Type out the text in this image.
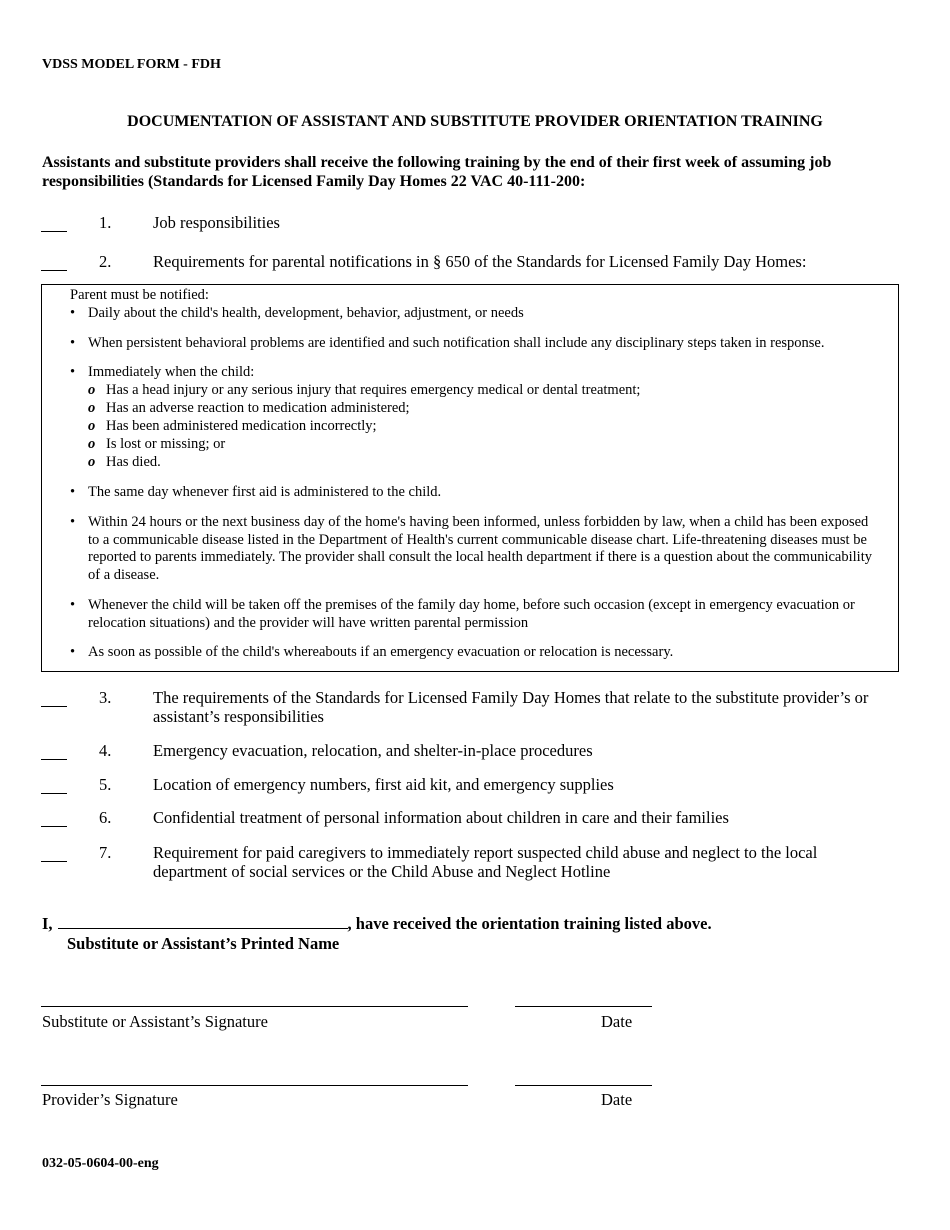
VDSS MODEL FORM - FDH
DOCUMENTATION OF ASSISTANT AND SUBSTITUTE PROVIDER ORIENTATION TRAINING
Assistants and substitute providers shall receive the following training by the end of their first week of assuming job responsibilities (Standards for Licensed Family Day Homes 22 VAC 40-111-200:
1.	Job responsibilities
2.	Requirements for parental notifications in § 650 of the Standards for Licensed Family Day Homes:
Parent must be notified:
• Daily about the child's health, development, behavior, adjustment, or needs
• When persistent behavioral problems are identified and such notification shall include any disciplinary steps taken in response.
• Immediately when the child:
o Has a head injury or any serious injury that requires emergency medical or dental treatment;
o Has an adverse reaction to medication administered;
o Has been administered medication incorrectly;
o Is lost or missing; or
o Has died.
• The same day whenever first aid is administered to the child.
• Within 24 hours or the next business day of the home's having been informed, unless forbidden by law, when a child has been exposed to a communicable disease listed in the Department of Health's current communicable disease chart. Life-threatening diseases must be reported to parents immediately. The provider shall consult the local health department if there is a question about the communicability of a disease.
• Whenever the child will be taken off the premises of the family day home, before such occasion (except in emergency evacuation or relocation situations) and the provider will have written parental permission
• As soon as possible of the child's whereabouts if an emergency evacuation or relocation is necessary.
3.	The requirements of the Standards for Licensed Family Day Homes that relate to the substitute provider’s or assistant’s responsibilities
4.	Emergency evacuation, relocation, and shelter-in-place procedures
5.	Location of emergency numbers, first aid kit, and emergency supplies
6.	Confidential treatment of personal information about children in care and their families
7.	Requirement for paid caregivers to immediately report suspected child abuse and neglect to the local department of social services or the Child Abuse and Neglect Hotline
I,	, have received the orientation training listed above.
Substitute or Assistant’s Printed Name
Substitute or Assistant’s Signature	Date
Provider’s Signature	Date
032-05-0604-00-eng
